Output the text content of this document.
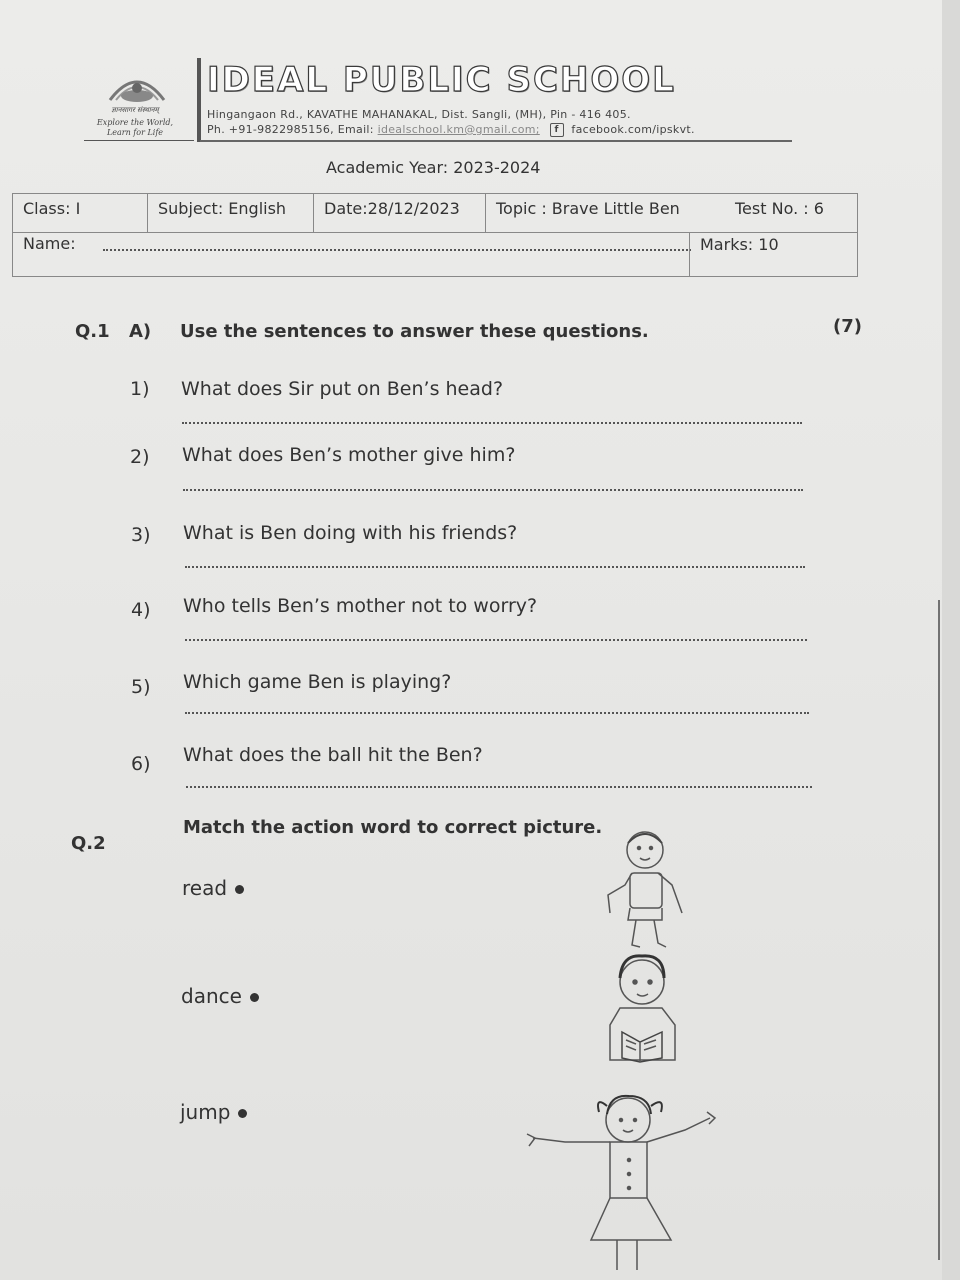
ज्ञानसागर संस्थानम्
Explore the World,
Learn for Life
IDEAL PUBLIC SCHOOL
Hingangaon Rd., KAVATHE MAHANAKAL, Dist. Sangli, (MH), Pin - 416 405.
Ph. +91-9822985156, Email: idealschool.km@gmail.com; f facebook.com/ipskvt.
Academic Year: 2023-2024
Class: I	Subject: English	Date:28/12/2023	Topic : Brave Little Ben	Test No. : 6
Name:	Marks: 10
Q.1 A) Use the sentences to answer these questions.	(7)
1) What does Sir put on Ben’s head?
2) What does Ben’s mother give him?
3) What is Ben doing with his friends?
4) Who tells Ben’s mother not to worry?
5) Which game Ben is playing?
6) What does the ball hit the Ben?
Q.2
Match the action word to correct picture.
read
dance
jump
